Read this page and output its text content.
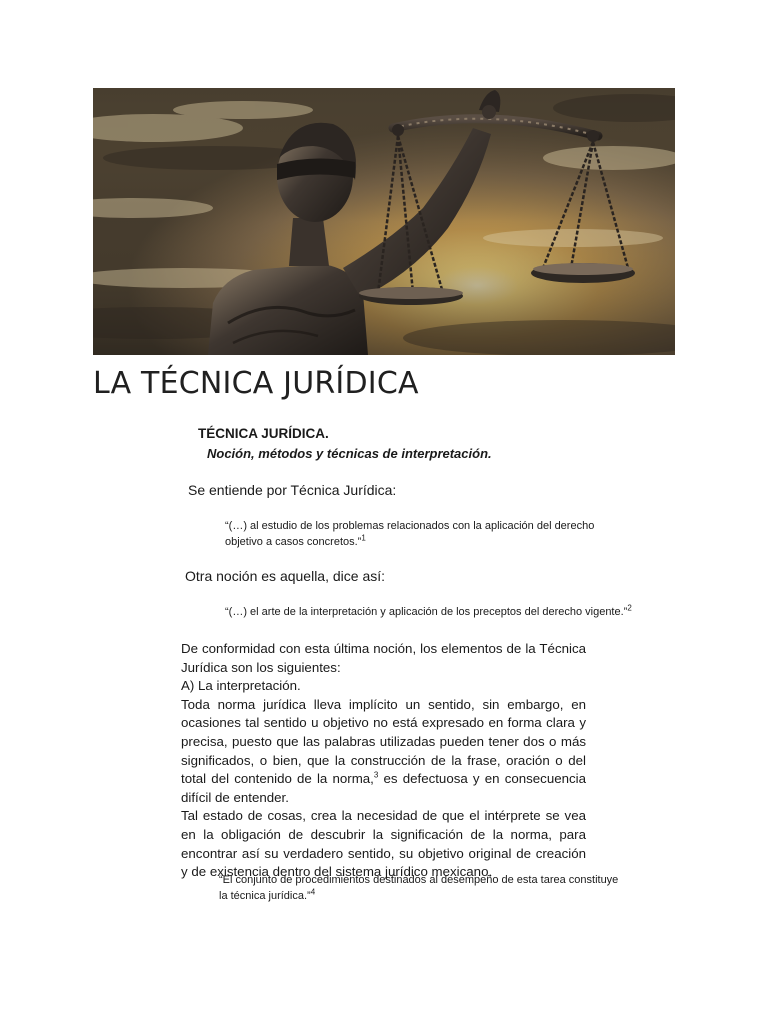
LA TÉCNICA JURÍDICA

TÉCNICA JURÍDICA.

Noción, métodos y técnicas de interpretación.

Se entiende por Técnica Jurídica:

“(…) al estudio de los problemas relacionados con la aplicación del derecho
objetivo a casos concretos.”$^1$

Otra noción es aquella, dice así:

“(…) el arte de la interpretación y aplicación de los preceptos del derecho vigente.”$^2$

De conformidad con esta última noción, los elementos de la Técnica Jurídica son los siguientes:

A) La interpretación.

Toda norma jurídica lleva implícito un sentido, sin embargo, en ocasiones tal sentido u objetivo no está expresado en forma clara y precisa, puesto que las palabras utilizadas pueden tener dos o más significados, o bien, que la construcción de la frase, oración o del total del contenido de la norma,$^3$ es defectuosa y en consecuencia difícil de entender.

Tal estado de cosas, crea la necesidad de que el intérprete se vea en la obligación de descubrir la significación de la norma, para encontrar así su verdadero sentido, su objetivo original de creación y de existencia dentro del sistema jurídico mexicano.

“El conjunto de procedimientos destinados al desempeño de esta tarea constituye
la técnica jurídica.”$^4$
